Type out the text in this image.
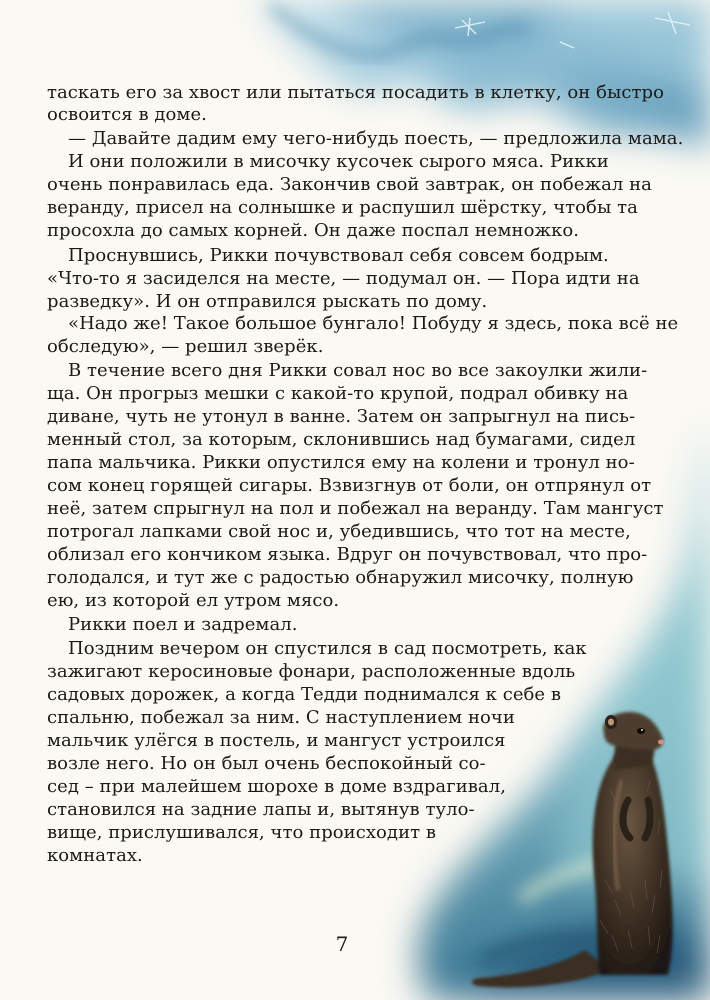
таскать его за хвост или пытаться посадить в клетку, он быстро

освоится в доме.

— Давайте дадим ему чего-нибудь поесть, — предложила мама.

И они положили в мисочку кусочек сырого мяса. Рикки

очень понравилась еда. Закончив свой завтрак, он побежал на

веранду, присел на солнышке и распушил шёрстку, чтобы та

просохла до самых корней. Он даже поспал немножко.

Проснувшись, Рикки почувствовал себя совсем бодрым.

«Что-то я засиделся на месте, — подумал он. — Пора идти на

разведку». И он отправился рыскать по дому.

«Надо же! Такое большое бунгало! Побуду я здесь, пока всё не

обследую», — решил зверёк.

В течение всего дня Рикки совал нос во все закоулки жили-

ща. Он прогрыз мешки с какой-то крупой, подрал обивку на

диване, чуть не утонул в ванне. Затем он запрыгнул на пись-

менный стол, за которым, склонившись над бумагами, сидел

папа мальчика. Рикки опустился ему на колени и тронул но-

сом конец горящей сигары. Взвизгнув от боли, он отпрянул от

неё, затем спрыгнул на пол и побежал на веранду. Там мангуст

потрогал лапками свой нос и, убедившись, что тот на месте,

облизал его кончиком языка. Вдруг он почувствовал, что про-

голодался, и тут же с радостью обнаружил мисочку, полную

ею, из которой ел утром мясо.

Рикки поел и задремал.

Поздним вечером он спустился в сад посмотреть, как

зажигают керосиновые фонари, расположенные вдоль

садовых дорожек, а когда Тедди поднимался к себе в

спальню, побежал за ним. С наступлением ночи

мальчик улёгся в постель, и мангуст устроился

возле него. Но он был очень беспокойный со-

сед – при малейшем шорохе в доме вздрагивал,

становился на задние лапы и, вытянув туло-

вище, прислушивался, что происходит в

комнатах.

7
